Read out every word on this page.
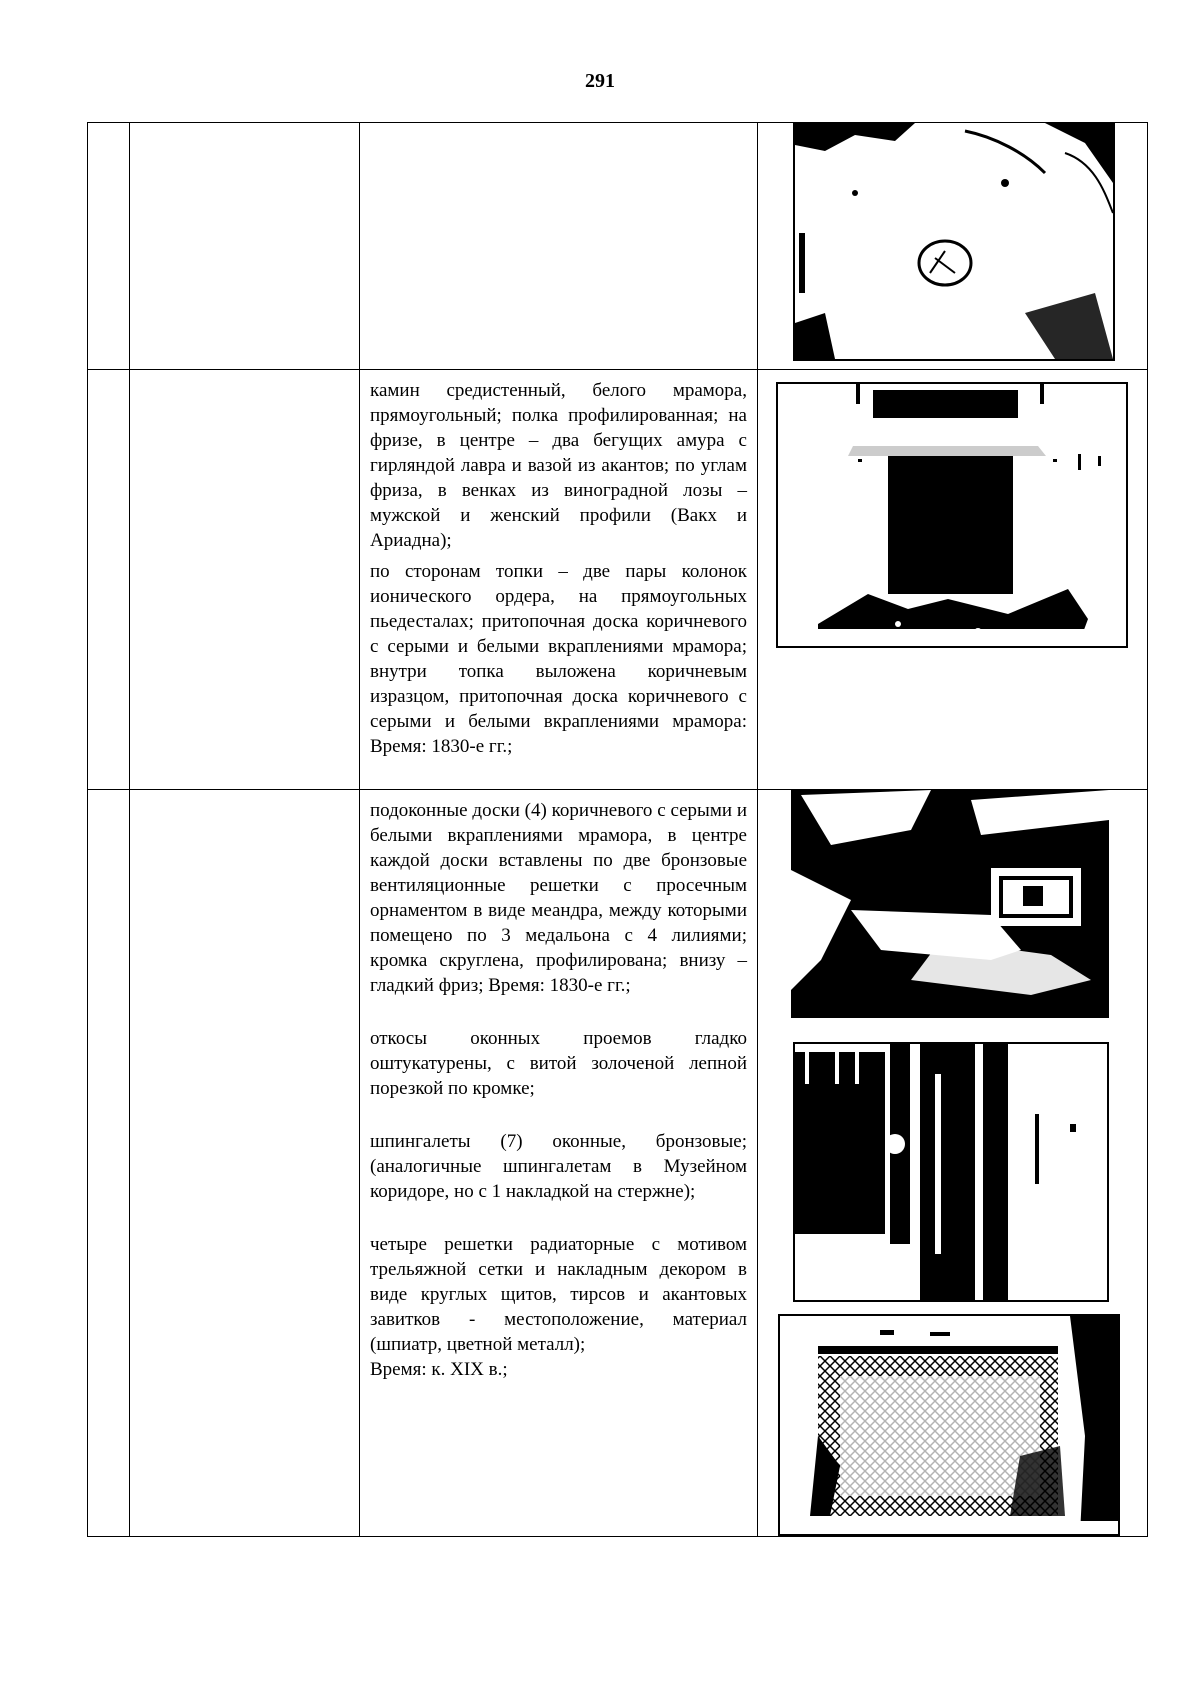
291

		камин средистенный, белого мрамора, прямоугольный; полка профилированная; на фризе, в центре – два бегущих амура с гирляндой лавра и вазой из акантов; по углам фриза, в венках из виноградной лозы – мужской и женский профили (Вакх и Ариадна);

по сторонам топки – две пары колонок ионического ордера, на прямоугольных пьедесталах; притопочная доска коричневого с серыми и белыми вкраплениями мрамора; внутри топка выложена коричневым изразцом, притопочная доска коричневого с серыми и белыми вкраплениями мрамора: Время: 1830-е гг.;

		подоконные доски (4) коричневого с серыми и белыми вкраплениями мрамора, в центре каждой доски вставлены по две бронзовые вентиляционные решетки с просечным орнаментом в виде меандра, между которыми помещено по 3 медальона с 4 лилиями; кромка скруглена, профилирована; внизу – гладкий фриз; Время: 1830-е гг.;

откосы оконных проемов гладко оштукатурены, с витой золоченой лепной порезкой по кромке;

шпингалеты (7) оконные, бронзовые; (аналогичные шпингалетам в Музейном коридоре, но с 1 накладкой на стержне);

четыре решетки радиаторные с мотивом трельяжной сетки и накладным декором в виде круглых щитов, тирсов и акантовых завитков - местоположение, материал (шпиатр, цветной металл);

Время: к. XIX в.;
